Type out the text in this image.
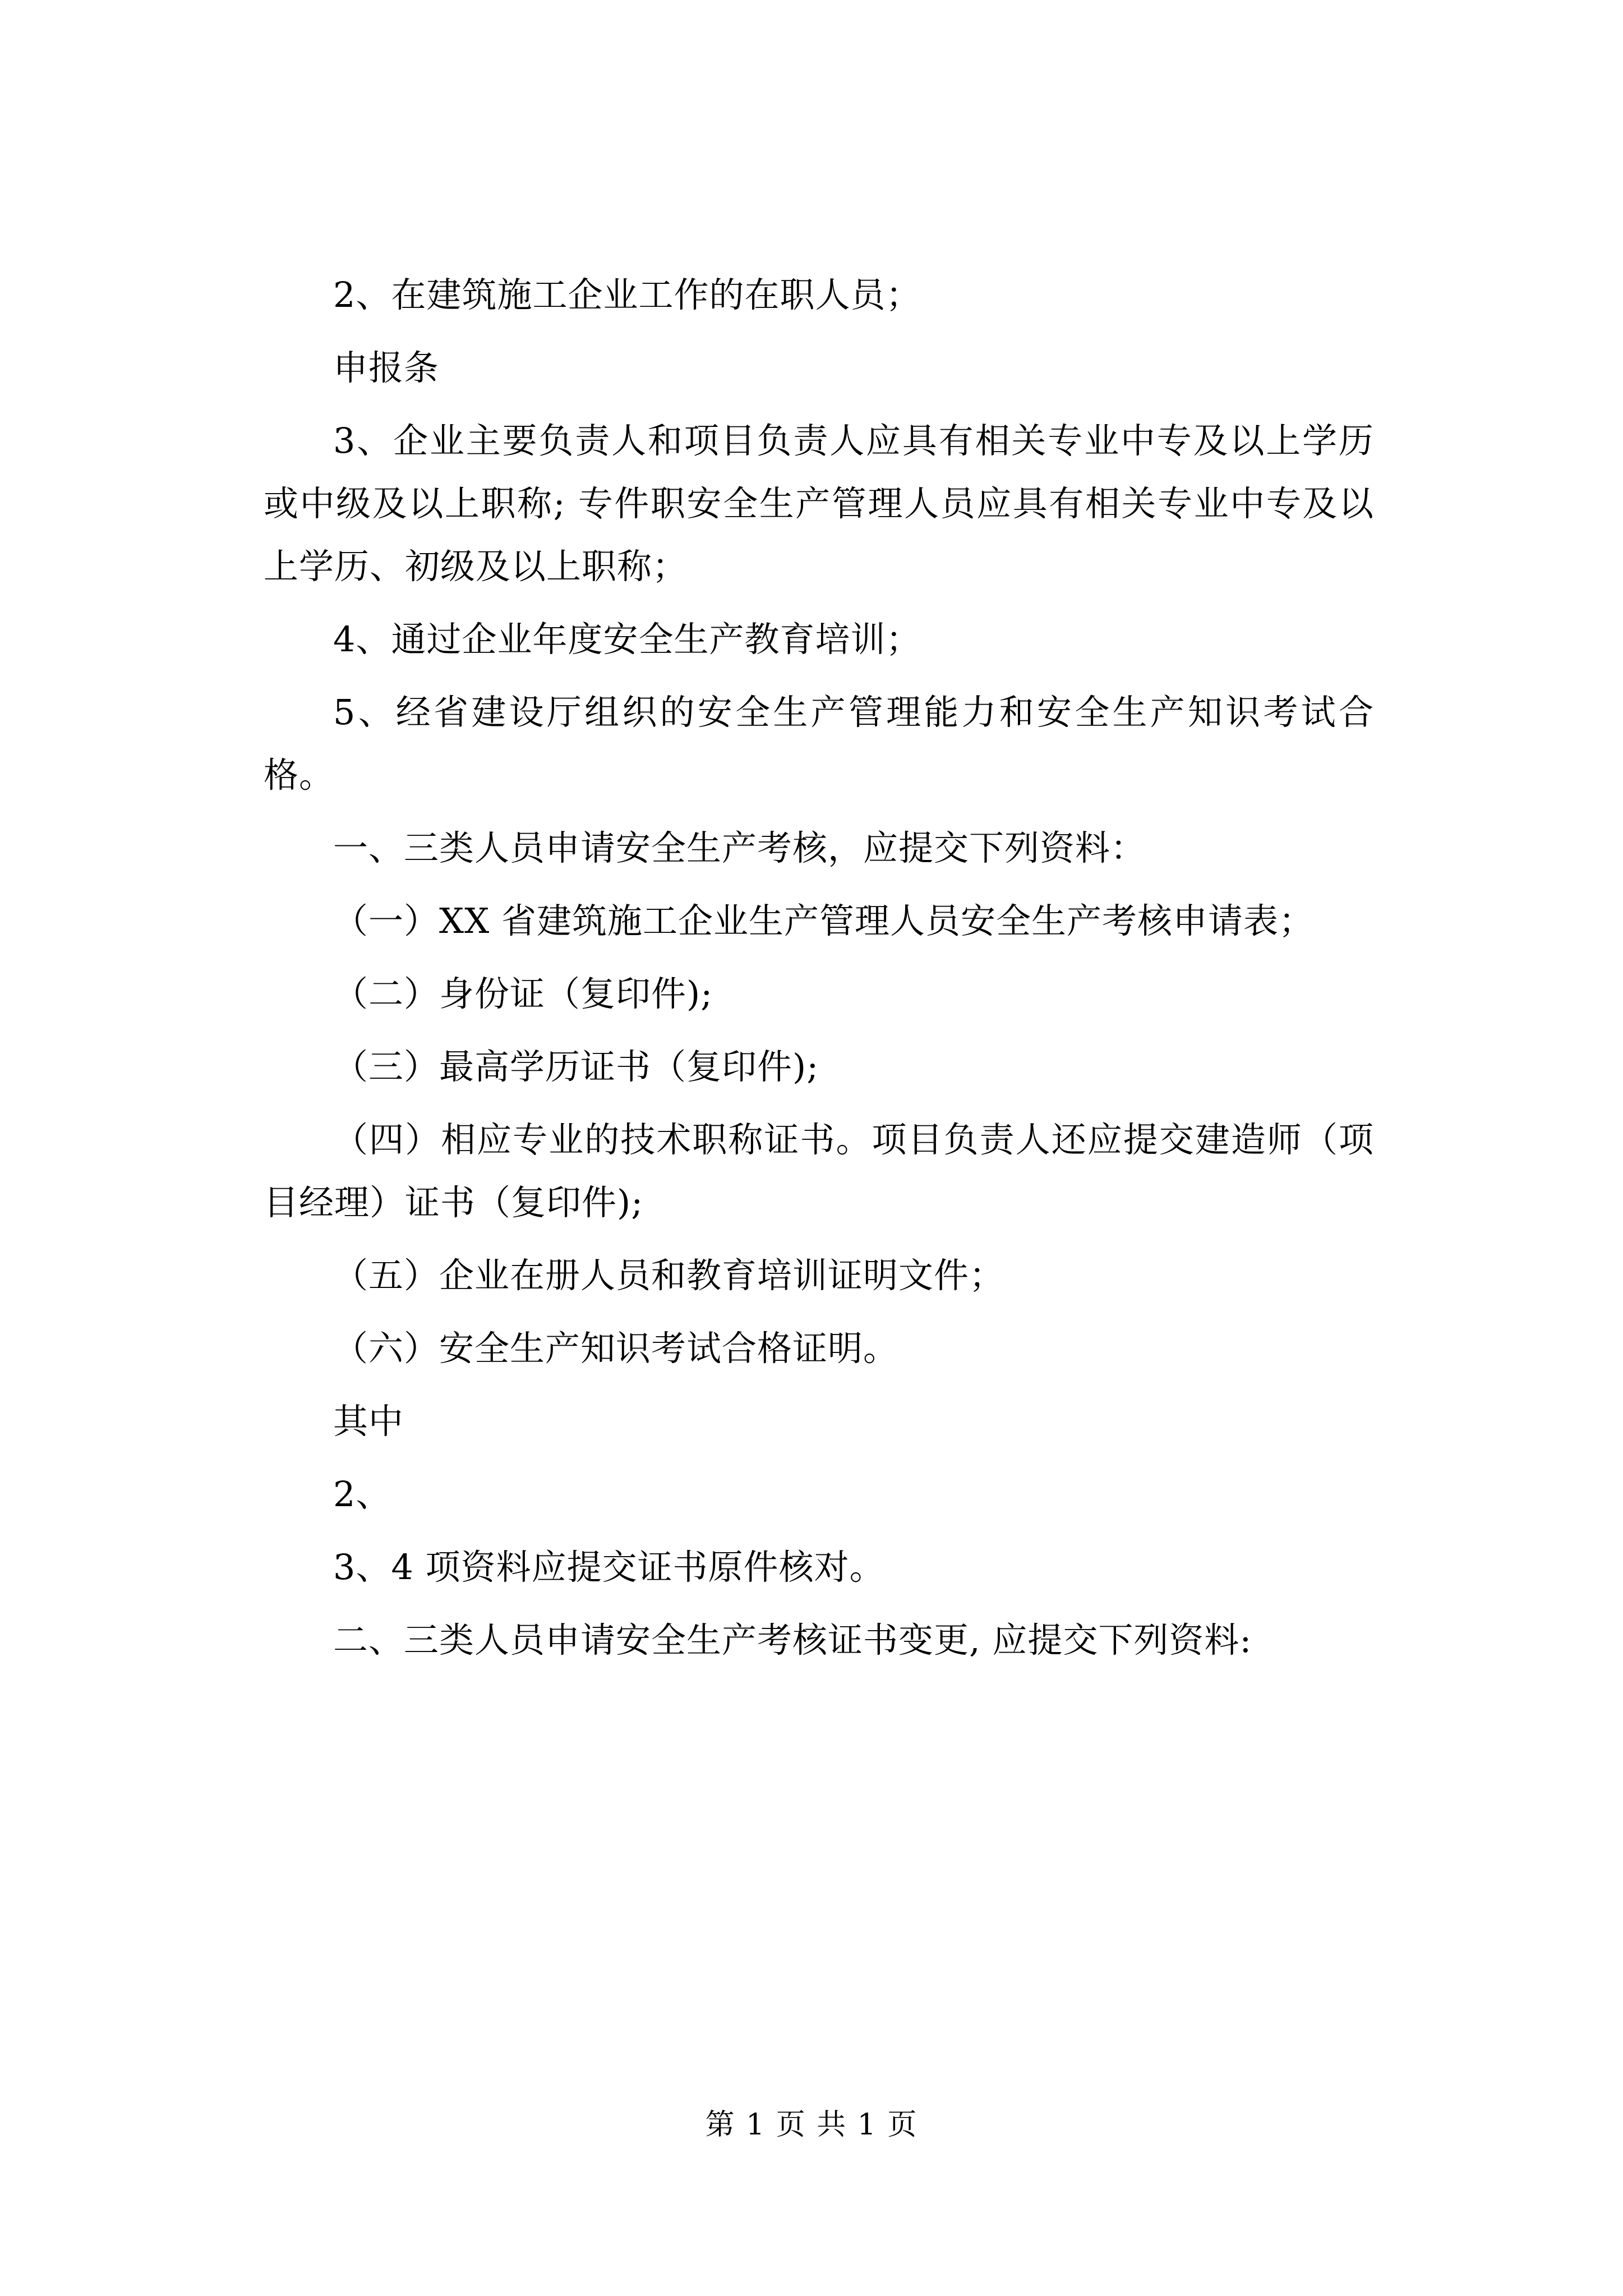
2、在建筑施工企业工作的在职人员；

申报条

3、企业主要负责人和项目负责人应具有相关专业中专及以上学历或中级及以上职称; 专件职安全生产管理人员应具有相关专业中专及以上学历、初级及以上职称；

4、通过企业年度安全生产教育培训；

5、经省建设厅组织的安全生产管理能力和安全生产知识考试合格。

一、三类人员申请安全生产考核，应提交下列资料：

（一）XX 省建筑施工企业生产管理人员安全生产考核申请表；

（二）身份证（复印件);

（三）最高学历证书（复印件);

（四）相应专业的技术职称证书。项目负责人还应提交建造师（项目经理）证书（复印件);

（五）企业在册人员和教育培训证明文件；

（六）安全生产知识考试合格证明。

其中

2、

3、4 项资料应提交证书原件核对。

二、三类人员申请安全生产考核证书变更, 应提交下列资料:

第 1 页 共 1 页
